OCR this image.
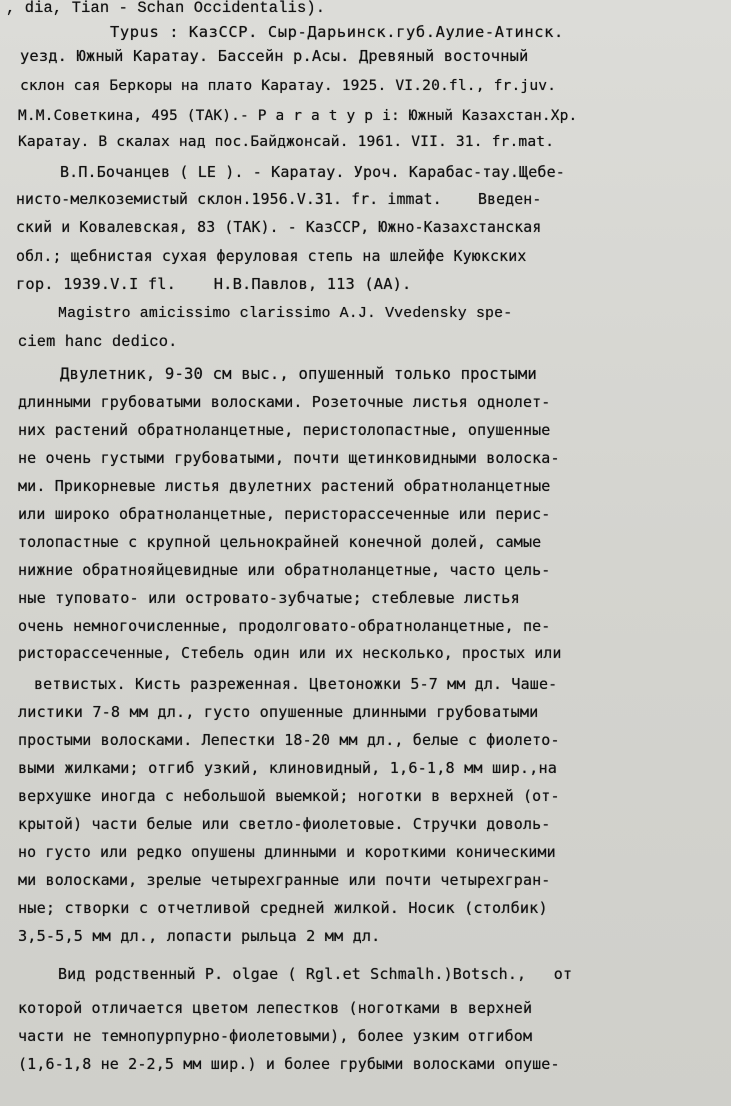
, dia, Tian - Schan Occidentalis).
Typus : КазССР. Сыр-Дарьинск.губ.Аулие-Атинск.
уезд. Южный Каратау. Бассейн р.Асы. Древяный восточный
склон сая Беркоры на плато Каратау. 1925. VI.20.fl., fr.juv.
М.М.Советкина, 495 (ТАК).- P a r a t y p i: Южный Казахстан.Хр.
Каратау. В скалах над пос.Байджонсай. 1961. VII. 31. fr.mat.
В.П.Бочанцев ( LE ). - Каратау. Уроч. Карабас-тау.Щебе-
нисто-мелкоземистый склон.1956.V.31. fr. immat.    Введен-
ский и Ковалевская, 83 (ТАК). - КазССР, Южно-Казахстанская
обл.; щебнистая сухая феруловая степь на шлейфе Куюкских
гор. 1939.V.I fl.    Н.В.Павлов, 113 (АА).
Magistro amicissimo clarissimo A.J. Vvedensky spe-
ciem hanc dedico.
Двулетник, 9-30 см выс., опушенный только простыми
длинными грубоватыми волосками. Розеточные листья однолет-
них растений обратноланцетные, перистолопастные, опушенные
не очень густыми грубоватыми, почти щетинковидными волоска-
ми. Прикорневые листья двулетних растений обратноланцетные
или широко обратноланцетные, перисторассеченные или перис-
толопастные с крупной цельнокрайней конечной долей, самые
нижние обратнояйцевидные или обратноланцетные, часто цель-
ные туповато- или островато-зубчатые; стеблевые листья
очень немногочисленные, продолговато-обратноланцетные, пе-
ристорассеченные, Стебель один или их несколько, простых или
ветвистых. Кисть разреженная. Цветоножки 5-7 мм дл. Чаше-
листики 7-8 мм дл., густо опушенные длинными грубоватыми
простыми волосками. Лепестки 18-20 мм дл., белые с фиолето-
выми жилками; отгиб узкий, клиновидный, 1,6-1,8 мм шир.,на
верхушке иногда с небольшой выемкой; ноготки в верхней (от-
крытой) части белые или светло-фиолетовые. Стручки доволь-
но густо или редко опушены длинными и короткими коническими
ми волосками, зрелые четырехгранные или почти четырехгран-
ные; створки с отчетливой средней жилкой. Носик (столбик)
3,5-5,5 мм дл., лопасти рыльца 2 мм дл.
Вид родственный P. olgae ( Rgl.et Schmalh.)Botsch.,   от
которой отличается цветом лепестков (ноготками в верхней
части не темнопурпурно-фиолетовыми), более узким отгибом
(1,6-1,8 не 2-2,5 мм шир.) и более грубыми волосками опуше-
